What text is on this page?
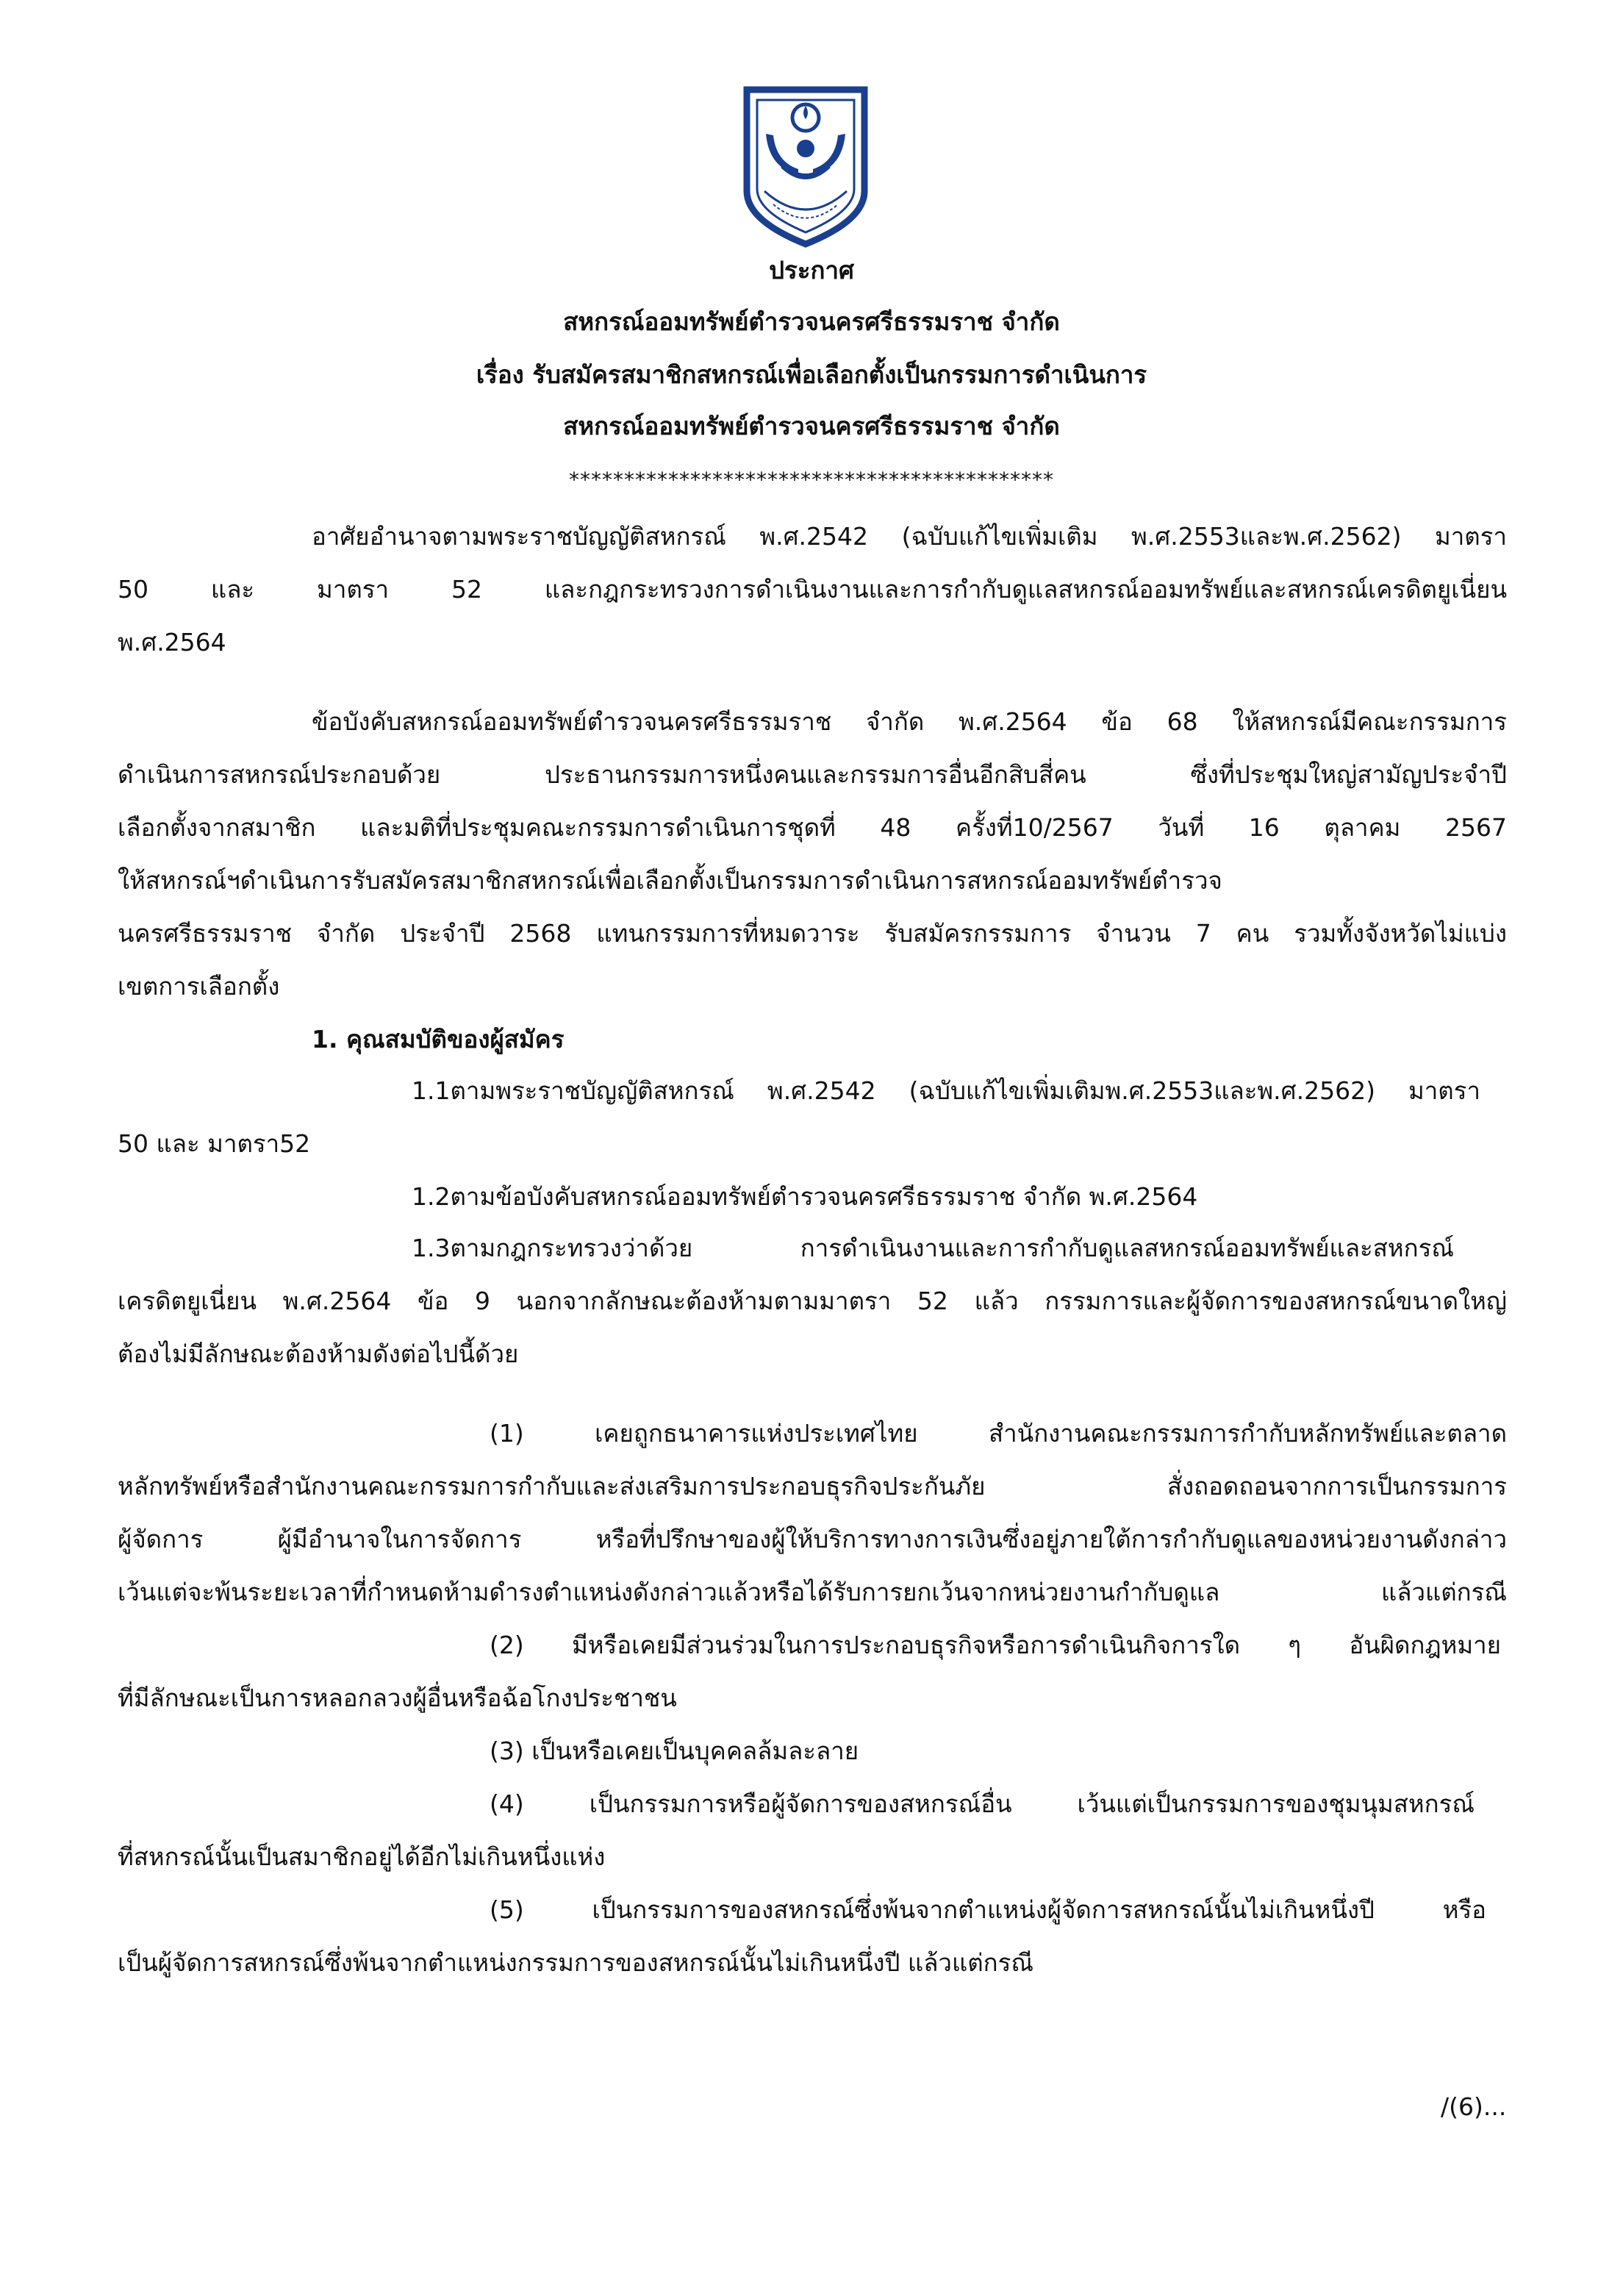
ประกาศ
สหกรณ์ออมทรัพย์ตำรวจนครศรีธรรมราช จำกัด
เรื่อง รับสมัครสมาชิกสหกรณ์เพื่อเลือกตั้งเป็นกรรมการดำเนินการ
สหกรณ์ออมทรัพย์ตำรวจนครศรีธรรมราช จำกัด
********************************************
อาศัยอำนาจตามพระราชบัญญัติสหกรณ์ พ.ศ.2542 (ฉบับแก้ไขเพิ่มเติม พ.ศ.2553และพ.ศ.2562) มาตรา
50 และ มาตรา 52 และกฎกระทรวงการดำเนินงานและการกำกับดูแลสหกรณ์ออมทรัพย์และสหกรณ์เครดิตยูเนี่ยน
พ.ศ.2564
ข้อบังคับสหกรณ์ออมทรัพย์ตำรวจนครศรีธรรมราช จำกัด พ.ศ.2564 ข้อ 68 ให้สหกรณ์มีคณะกรรมการ
ดำเนินการสหกรณ์ประกอบด้วย ประธานกรรมการหนึ่งคนและกรรมการอื่นอีกสิบสี่คน ซึ่งที่ประชุมใหญ่สามัญประจำปี
เลือกตั้งจากสมาชิก และมติที่ประชุมคณะกรรมการดำเนินการชุดที่ 48 ครั้งที่10/2567 วันที่ 16 ตุลาคม 2567
ให้สหกรณ์ฯดำเนินการรับสมัครสมาชิกสหกรณ์เพื่อเลือกตั้งเป็นกรรมการดำเนินการสหกรณ์ออมทรัพย์ตำรวจ
นครศรีธรรมราช จำกัด ประจำปี 2568 แทนกรรมการที่หมดวาระ รับสมัครกรรมการ จำนวน 7 คน รวมทั้งจังหวัดไม่แบ่ง
เขตการเลือกตั้ง
1. คุณสมบัติของผู้สมัคร
1.1ตามพระราชบัญญัติสหกรณ์ พ.ศ.2542 (ฉบับแก้ไขเพิ่มเติมพ.ศ.2553และพ.ศ.2562) มาตรา
50 และ มาตรา52
1.2ตามข้อบังคับสหกรณ์ออมทรัพย์ตำรวจนครศรีธรรมราช จำกัด พ.ศ.2564
1.3ตามกฎกระทรวงว่าด้วย การดำเนินงานและการกำกับดูแลสหกรณ์ออมทรัพย์และสหกรณ์
เครดิตยูเนี่ยน พ.ศ.2564 ข้อ 9 นอกจากลักษณะต้องห้ามตามมาตรา 52 แล้ว กรรมการและผู้จัดการของสหกรณ์ขนาดใหญ่
ต้องไม่มีลักษณะต้องห้ามดังต่อไปนี้ด้วย
(1) เคยถูกธนาคารแห่งประเทศไทย สำนักงานคณะกรรมการกำกับหลักทรัพย์และตลาด
หลักทรัพย์หรือสำนักงานคณะกรรมการกำกับและส่งเสริมการประกอบธุรกิจประกันภัย สั่งถอดถอนจากการเป็นกรรมการ
ผู้จัดการ ผู้มีอำนาจในการจัดการ หรือที่ปรึกษาของผู้ให้บริการทางการเงินซึ่งอยู่ภายใต้การกำกับดูแลของหน่วยงานดังกล่าว
เว้นแต่จะพ้นระยะเวลาที่กำหนดห้ามดำรงตำแหน่งดังกล่าวแล้วหรือได้รับการยกเว้นจากหน่วยงานกำกับดูแล แล้วแต่กรณี
(2) มีหรือเคยมีส่วนร่วมในการประกอบธุรกิจหรือการดำเนินกิจการใด ๆ อันผิดกฎหมาย
ที่มีลักษณะเป็นการหลอกลวงผู้อื่นหรือฉ้อโกงประชาชน
(3) เป็นหรือเคยเป็นบุคคลล้มละลาย
(4) เป็นกรรมการหรือผู้จัดการของสหกรณ์อื่น เว้นแต่เป็นกรรมการของชุมนุมสหกรณ์
ที่สหกรณ์นั้นเป็นสมาชิกอยู่ได้อีกไม่เกินหนึ่งแห่ง
(5) เป็นกรรมการของสหกรณ์ซึ่งพ้นจากตำแหน่งผู้จัดการสหกรณ์นั้นไม่เกินหนึ่งปี หรือ
เป็นผู้จัดการสหกรณ์ซึ่งพ้นจากตำแหน่งกรรมการของสหกรณ์นั้นไม่เกินหนึ่งปี แล้วแต่กรณี
/(6)...
